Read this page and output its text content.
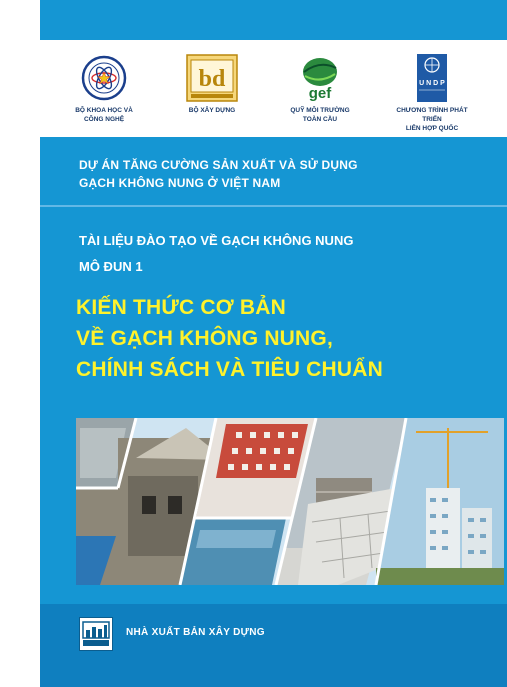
BỘ KHOA HỌC VÀ
CÔNG NGHỆ
bd
BỘ XÂY DỰNG
gef
QUỸ MÔI TRƯỜNG
TOÀN CẦU
U N D P
CHƯƠNG TRÌNH PHÁT TRIỂN
LIÊN HỢP QUỐC
DỰ ÁN TĂNG CƯỜNG SẢN XUẤT VÀ SỬ DỤNG
GẠCH KHÔNG NUNG Ở VIỆT NAM
TÀI LIỆU ĐÀO TẠO VỀ GẠCH KHÔNG NUNG
MÔ ĐUN 1
KIẾN THỨC CƠ BẢN
VỀ GẠCH KHÔNG NUNG,
CHÍNH SÁCH VÀ TIÊU CHUẨN
NHÀ XUẤT BẢN XÂY DỰNG
